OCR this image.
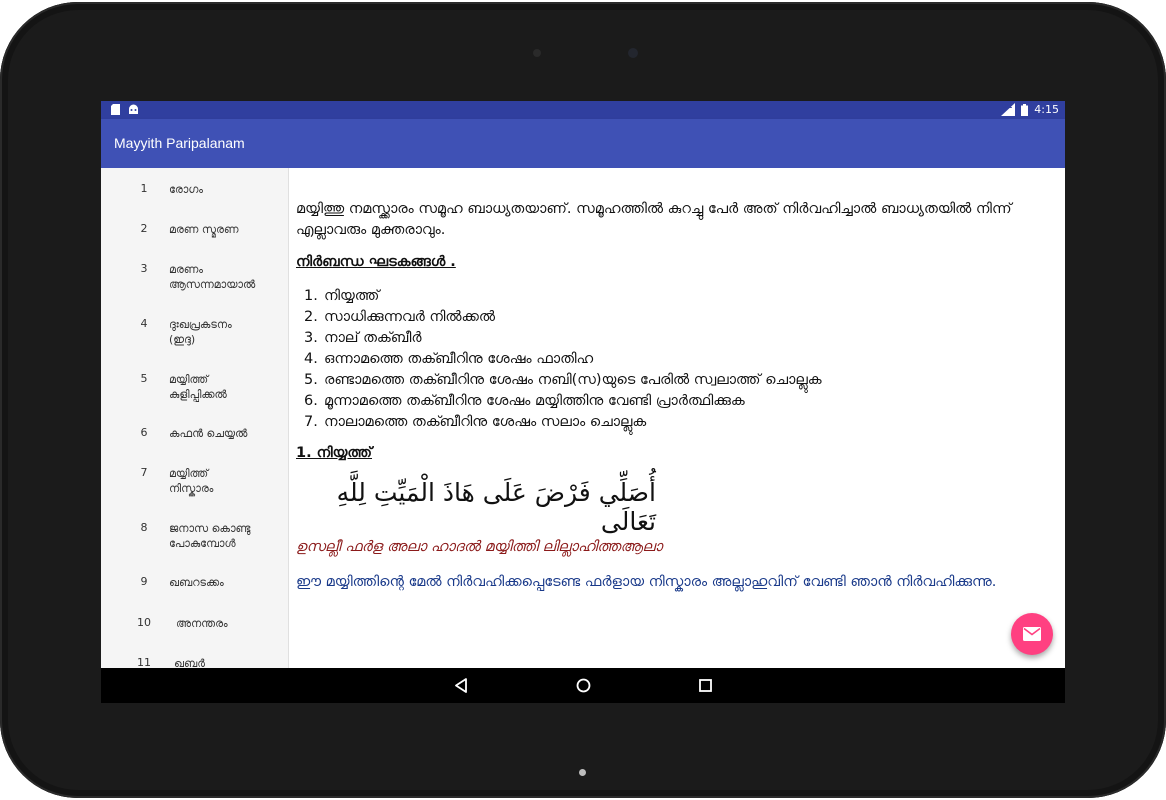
LTE 4:15
Mayyith Paripalanam
1	രോഗം
2	മരണ സ്മരണ
3	മരണം ആസന്നമായാൽ
4	ദുഃഖപ്രകടനം (ഇദ്ദ)
5	മയ്യിത്ത് കുളിപ്പിക്കൽ
6	കഫൻ ചെയ്യൽ
7	മയ്യിത്ത് നിസ്കാരം
8	ജനാസ കൊണ്ടു പോകുമ്പോൾ
9	ഖബറടക്കം
10 അനന്തരം
11 ഖബർ
മയ്യിത്തു നമസ്ക്കാരം സമൂഹ ബാധ്യതയാണ്. സമൂഹത്തിൽ കുറച്ചു പേർ അത് നിർവഹിച്ചാൽ ബാധ്യതയിൽ നിന്ന് എല്ലാവരും മുക്തരാവും.
നിർബന്ധ ഘടകങ്ങൾ .
1. നിയ്യത്ത്
2. സാധിക്കുന്നവർ നിൽക്കൽ
3. നാല് തക്ബീർ
4. ഒന്നാമത്തെ തക്ബീറിനു ശേഷം ഫാതിഹ
5. രണ്ടാമത്തെ തക്ബീറിനു ശേഷം നബി(സ)യുടെ പേരിൽ സ്വലാത്ത് ചൊല്ലുക
6. മൂന്നാമത്തെ തക്ബീറിനു ശേഷം മയ്യിത്തിനു വേണ്ടി പ്രാർത്ഥിക്കുക
7. നാലാമത്തെ തക്ബീറിനു ശേഷം സലാം ചൊല്ലുക
1. നിയ്യത്ത്
أُصَلِّي فَرْضَ عَلَى هَاذَ الْمَيِّتِ لِلَّهِ تَعَالَى
ഉസല്ലീ ഫർള അലാ ഹാദൽ മയ്യിത്തി ലില്ലാഹിത്തആലാ
ഈ മയ്യിത്തിന്റെ മേൽ നിർവഹിക്കപ്പെടേണ്ട ഫർളായ നിസ്കാരം അല്ലാഹുവിന് വേണ്ടി ഞാൻ നിർവഹിക്കുന്നു.
